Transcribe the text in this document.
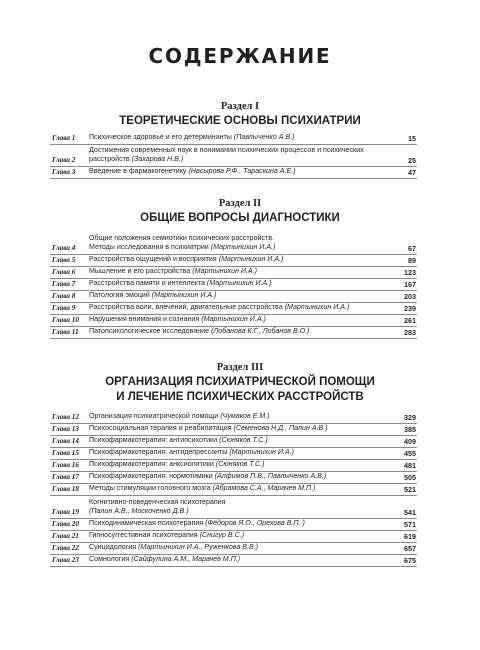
СОДЕРЖАНИЕ
Раздел I
ТЕОРЕТИЧЕСКИЕ ОСНОВЫ ПСИХИАТРИИ
Глава 1 Психическое здоровье и его детерминанты (Павлыченко А.В.)	15
Глава 2
Достижения современных наук в понимании психических процессов и психических
расстройств (Захарова Н.В.)	25
Глава 3 Введение в фармакогенетику (Насырова Р.Ф., Тараскина А.Е.)	47
Раздел II
ОБЩИЕ ВОПРОСЫ ДИАГНОСТИКИ
Глава 4
Общие положения семиотики психических расстройств.
Методы исследования в психиатрии (Мартынихин И.А.)	67
Глава 5 Расстройства ощущений и восприятия (Мартынихин И.А.)	89
Глава 6 Мышление и его расстройства (Мартынихин И.А.)	123
Глава 7 Расстройства памяти и интеллекта (Мартынихин И.А.)	167
Глава 8 Патология эмоций (Мартынихин И.А.)	203
Глава 9 Расстройства воли, влечений, двигательные расстройства (Мартынихин И.А.)	239
Глава 10 Нарушения внимания и сознания (Мартынихин И.А.)	261
Глава 11 Патопсихологическое исследование (Лобанова К.Г., Лобанов В.О.)	283
Раздел III
ОРГАНИЗАЦИЯ ПСИХИАТРИЧЕСКОЙ ПОМОЩИ
И ЛЕЧЕНИЕ ПСИХИЧЕСКИХ РАССТРОЙСТВ
Глава 12 Организация психиатрической помощи (Чумаков Е.М.)	329
Глава 13 Психосоциальная терапия и реабилитация (Семенова Н.Д., Палин А.В.)	385
Глава 14 Психофармакотерапия: антипсихотики (Сюняков Т.С.)	409
Глава 15 Психофармакотерапия: антидепрессанты (Мартынихин И.А.)	455
Глава 16 Психофармакотерапия: анксиолитики (Сюняков Т.С.)	481
Глава 17 Психофармакотерапия: нормотимики (Алфимов П.В., Павлыченко А.В.)	505
Глава 18 Методы стимуляции головного мозга (Абрамова С.А., Марачев М.П.)	521
Глава 19
Когнитивно-поведенческая психотерапия
(Палин А.В., Москоченко Д.В.)	541
Глава 20 Психодинамическая психотерапия (Фёдоров Я.О., Орехова В.П. )	571
Глава 21 Гипносуггестивная психотерапия (Снигур В.С.)	619
Глава 22 Суицидология (Мартынихин И.А., Руженкова В.В.)	657
Глава 23 Сомнология (Сайфулина А.М., Марачев М.П.)	675
